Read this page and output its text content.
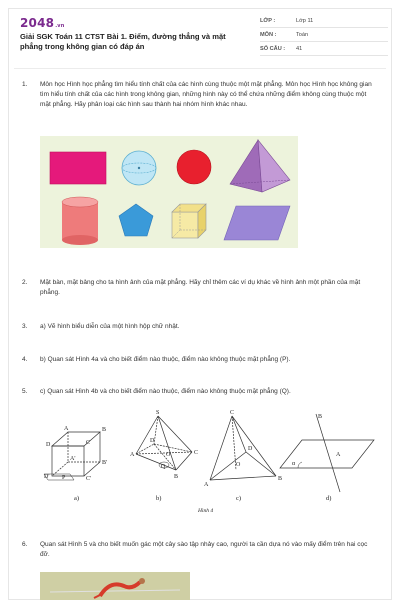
2048.vn
Giải SGK Toán 11 CTST Bài 1. Điểm, đường thẳng và mặt phẳng trong không gian có đáp án
LỚP :	Lớp 11
MÔN :	Toán
SỐ CÂU :	41
1. Môn học Hình học phẳng tìm hiểu tính chất của các hình cùng thuộc một mặt phẳng. Môn học Hình học không gian tìm hiểu tính chất của các hình trong không gian, những hình này có thể chứa những điểm không cùng thuộc một mặt phẳng. Hãy phân loại các hình sau thành hai nhóm hình khác nhau.
2. Mặt bàn, mặt bảng cho ta hình ảnh của mặt phẳng. Hãy chỉ thêm các ví dụ khác về hình ảnh một phần của mặt phẳng.
3. a) Vẽ hình biểu diễn của một hình hộp chữ nhật.
4. b) Quan sát Hình 4a và cho biết điểm nào thuộc, điểm nào không thuộc mặt phẳng (P).
5. c) Quan sát Hình 4b và cho biết điểm nào thuộc, điểm nào không thuộc mặt phẳng (Q).
D
A	B
C
D'
A'
B'
C'
P
a)
S
A
B
C
D
O
Q
b)
C
A
B
D
O
c)
B
A
α
d)
Hình 4
6. Quan sát Hình 5 và cho biết muốn gác một cây sào tập nhảy cao, người ta cần dựa nó vào mấy điểm trên hai cọc đỡ.
